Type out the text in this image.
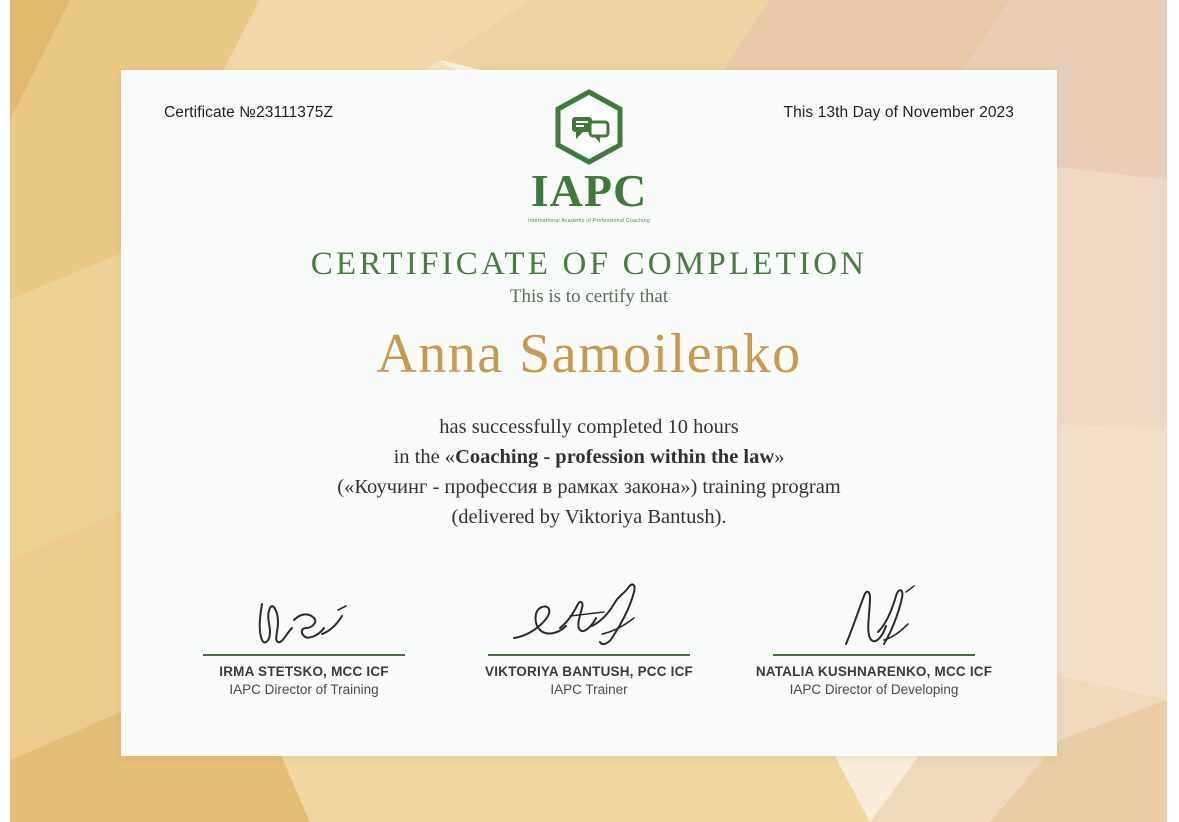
Certificate №23111375Z	This 13th Day of November 2023
IAPC
International Academy of Professional Coaching
CERTIFICATE OF COMPLETION
This is to certify that
Anna Samoilenko
has successfully completed 10 hours
in the «Coaching - profession within the law»
(«Коучинг - профессия в рамках закона») training program
(delivered by Viktoriya Bantush).
IRMA STETSKO, MCC ICF
IAPC Director of Training
VIKTORIYA BANTUSH, PCC ICF
IAPC Trainer
NATALIA KUSHNARENKO, MCC ICF
IAPC Director of Developing
